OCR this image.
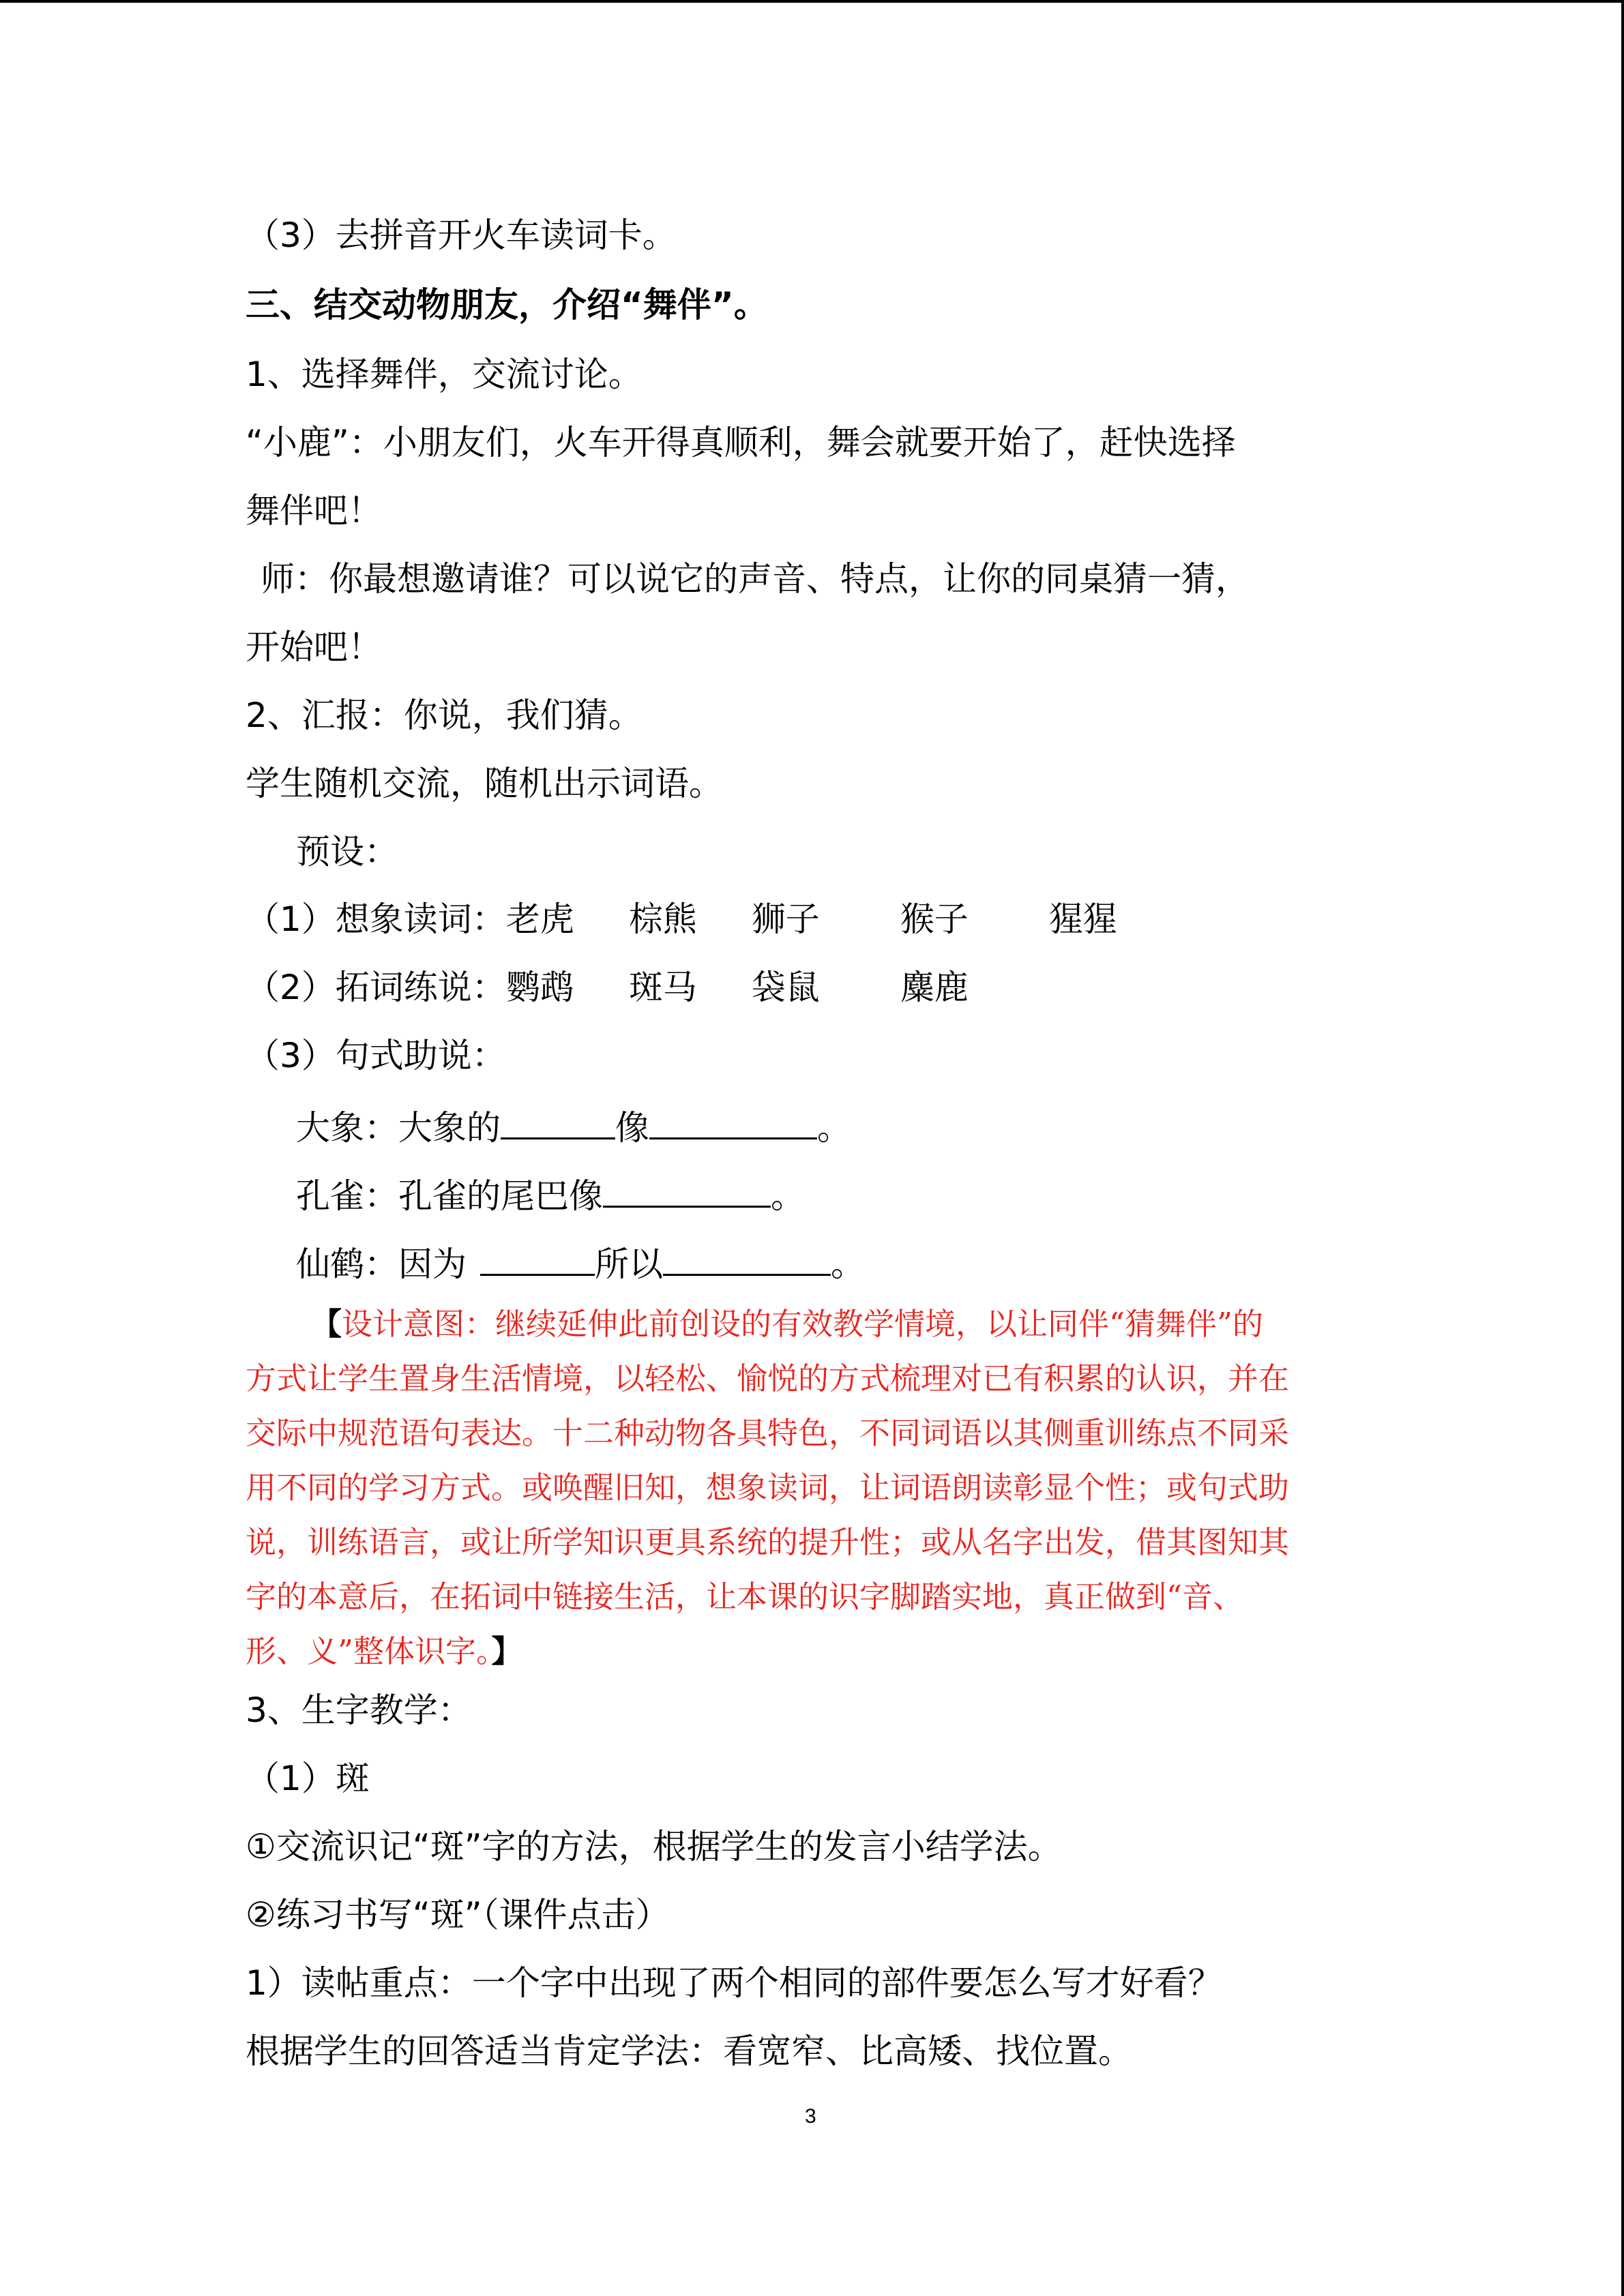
（3）去拼音开火车读词卡。
三、结交动物朋友，介绍“舞伴”。
1、选择舞伴，交流讨论。
“小鹿”：小朋友们，火车开得真顺利，舞会就要开始了，赶快选择
舞伴吧！
师：你最想邀请谁？可以说它的声音、特点，让你的同桌猜一猜，
开始吧！
2、汇报：你说，我们猜。
学生随机交流，随机出示词语。
预设：
（1）想象读词：老虎 棕熊 狮子 猴子 猩猩
（2）拓词练说：鹦鹉 斑马 袋鼠 麋鹿
（3）句式助说：
大象：大象的	像	。
孔雀：孔雀的尾巴像	。
仙鹤：因为	所以	。
【设计意图：继续延伸此前创设的有效教学情境，以让同伴“猜舞伴”的
方式让学生置身生活情境，以轻松、愉悦的方式梳理对已有积累的认识，并在
交际中规范语句表达。十二种动物各具特色，不同词语以其侧重训练点不同采
用不同的学习方式。或唤醒旧知，想象读词，让词语朗读彰显个性；或句式助
说，训练语言，或让所学知识更具系统的提升性；或从名字出发，借其图知其
字的本意后，在拓词中链接生活，让本课的识字脚踏实地，真正做到“音、
形、义”整体识字。】
3、生字教学：
（1）斑
①交流识记“斑”字的方法，根据学生的发言小结学法。
②练习书写“斑”（课件点击）
1）读帖重点：一个字中出现了两个相同的部件要怎么写才好看？
根据学生的回答适当肯定学法：看宽窄、比高矮、找位置。
3
